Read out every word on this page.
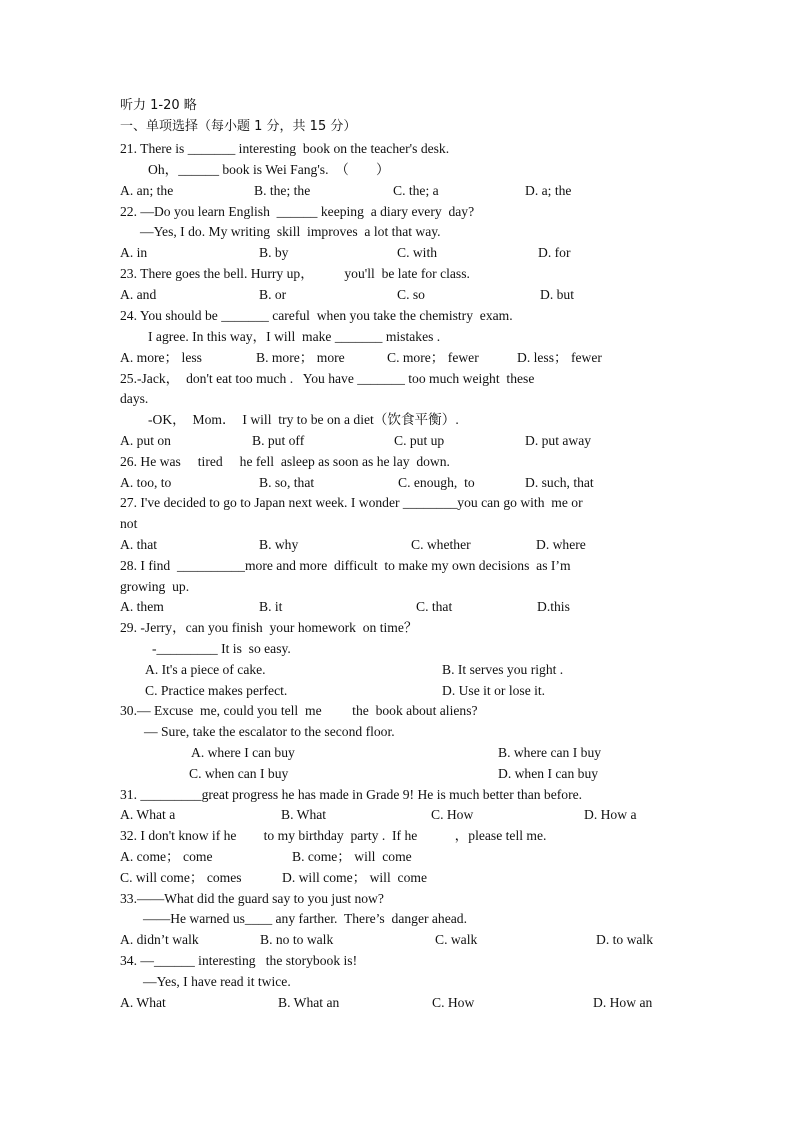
听力 1-20 略
一、单项选择（每小题 1 分，共 15 分）
21. There is _______ interesting  book on the teacher's desk.
Oh，______ book is Wei Fang's.  （        ）
A. an; the	B. the; the	C. the; a	D. a; the
22. —Do you learn English  ______ keeping  a diary every  day?
—Yes, I do. My writing  skill  improves  a lot that way.
A. in	B. by	C. with	D. for
23. There goes the bell. Hurry up，         you'll  be late for class.
A. and	B. or	C. so	D. but
24. You should be _______ careful  when you take the chemistry  exam.
I agree. In this way，I will  make _______ mistakes .
A. more； less	B. more； more	C. more； fewer	D. less； fewer
25.-Jack，  don't eat too much .   You have _______ too much weight  these
days.
-OK，  Mom．  I will  try to be on a diet（饮食平衡）.
A. put on	B. put off	C. put up	D. put away
26. He was     tired     he fell  asleep as soon as he lay  down.
A. too, to	B. so, that	C. enough,  to	D. such, that
27. I've decided to go to Japan next week. I wonder ________you can go with  me or
not
A. that	B. why	C. whether	D. where
28. I find  __________more and more  difficult  to make my own decisions  as I’m
growing  up.
A. them	B. it	C. that	D.this
29. -Jerry，can you finish  your homework  on time？
-_________ It is  so easy.
A. It's a piece of cake.	B. It serves you right .
C. Practice makes perfect.	D. Use it or lose it.
30.— Excuse  me, could you tell  me         the  book about aliens?
— Sure, take the escalator to the second floor.
A. where I can buy	B. where can I buy
C. when can I buy	D. when I can buy
31. _________great progress he has made in Grade 9! He is much better than before.
A. What a	B. What	C. How	D. How a
32. I don't know if he        to my birthday  party .  If he           ，please tell me.
A. come； come	B. come； will  come
C. will come； comes	D. will come； will  come
33.——What did the guard say to you just now?
——He warned us____ any farther.  There’s  danger ahead.
A. didn’t walk	B. no to walk	C. walk	D. to walk
34. —______ interesting   the storybook is!
—Yes, I have read it twice.
A. What	B. What an	C. How	D. How an
